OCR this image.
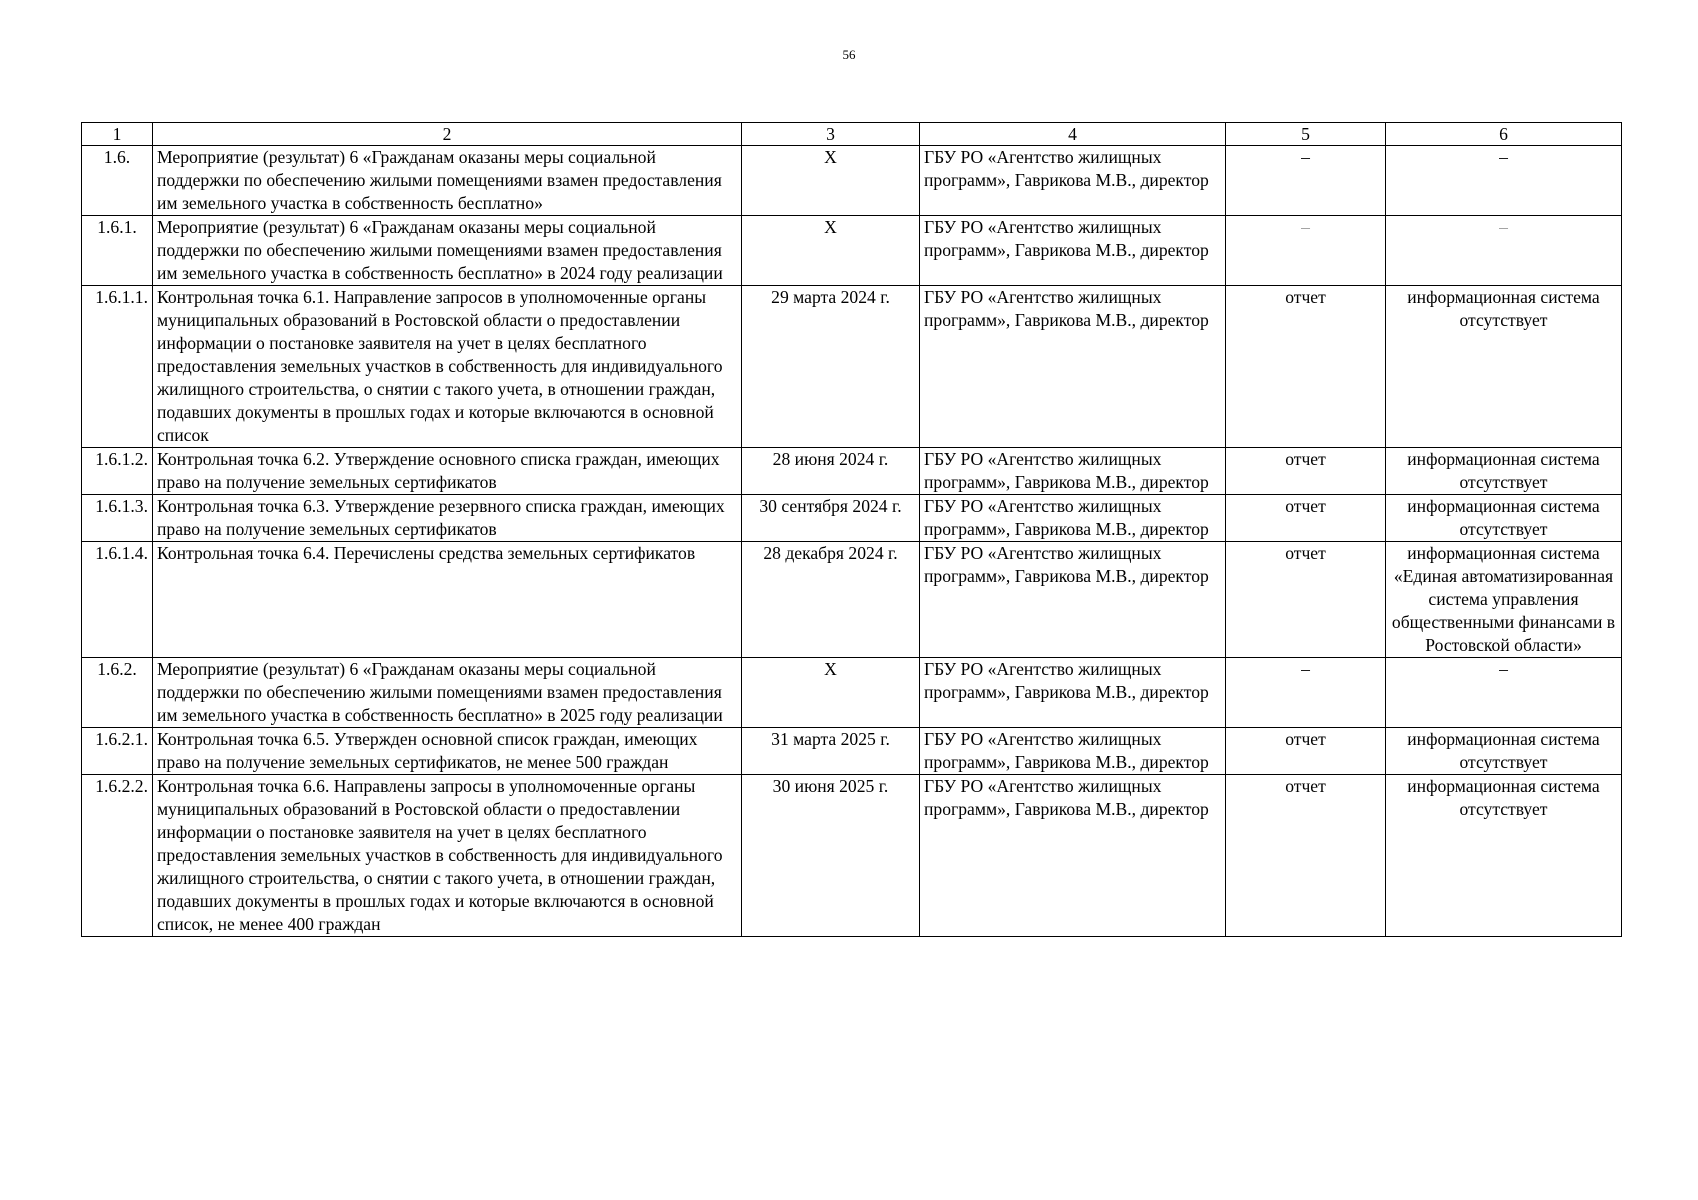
56
1	2	3	4	5	6
1.6.	Мероприятие (результат) 6 «Гражданам оказаны меры социальной поддержки по обеспечению жилыми помещениями взамен предоставления им земельного участка в собственность бесплатно»	X	ГБУ РО «Агентство жилищных программ», Гаврикова М.В., директор	–	–
1.6.1.	Мероприятие (результат) 6 «Гражданам оказаны меры социальной поддержки по обеспечению жилыми помещениями взамен предоставления им земельного участка в собственность бесплатно» в 2024 году реализации	X	ГБУ РО «Агентство жилищных программ», Гаврикова М.В., директор	–	–
1.6.1.1.	Контрольная точка 6.1. Направление запросов в уполномоченные органы муниципальных образований в Ростовской области о предоставлении информации о постановке заявителя на учет в целях бесплатного предоставления земельных участков в собственность для индивидуального жилищного строительства, о снятии с такого учета, в отношении граждан, подавших документы в прошлых годах и которые включаются в основной список	29 марта 2024 г.	ГБУ РО «Агентство жилищных программ», Гаврикова М.В., директор	отчет	информационная система отсутствует
1.6.1.2.	Контрольная точка 6.2. Утверждение основного списка граждан, имеющих право на получение земельных сертификатов	28 июня 2024 г.	ГБУ РО «Агентство жилищных программ», Гаврикова М.В., директор	отчет	информационная система отсутствует
1.6.1.3.	Контрольная точка 6.3. Утверждение резервного списка граждан, имеющих право на получение земельных сертификатов	30 сентября 2024 г.	ГБУ РО «Агентство жилищных программ», Гаврикова М.В., директор	отчет	информационная система отсутствует
1.6.1.4.	Контрольная точка 6.4. Перечислены средства земельных сертификатов	28 декабря 2024 г.	ГБУ РО «Агентство жилищных программ», Гаврикова М.В., директор	отчет	информационная система «Единая автоматизированная система управления общественными финансами в Ростовской области»
1.6.2.	Мероприятие (результат) 6 «Гражданам оказаны меры социальной поддержки по обеспечению жилыми помещениями взамен предоставления им земельного участка в собственность бесплатно» в 2025 году реализации	X	ГБУ РО «Агентство жилищных программ», Гаврикова М.В., директор	–	–
1.6.2.1.	Контрольная точка 6.5. Утвержден основной список граждан, имеющих право на получение земельных сертификатов, не менее 500 граждан	31 марта 2025 г.	ГБУ РО «Агентство жилищных программ», Гаврикова М.В., директор	отчет	информационная система отсутствует
1.6.2.2.	Контрольная точка 6.6. Направлены запросы в уполномоченные органы муниципальных образований в Ростовской области о предоставлении информации о постановке заявителя на учет в целях бесплатного предоставления земельных участков в собственность для индивидуального жилищного строительства, о снятии с такого учета, в отношении граждан, подавших документы в прошлых годах и которые включаются в основной список, не менее 400 граждан	30 июня 2025 г.	ГБУ РО «Агентство жилищных программ», Гаврикова М.В., директор	отчет	информационная система отсутствует
